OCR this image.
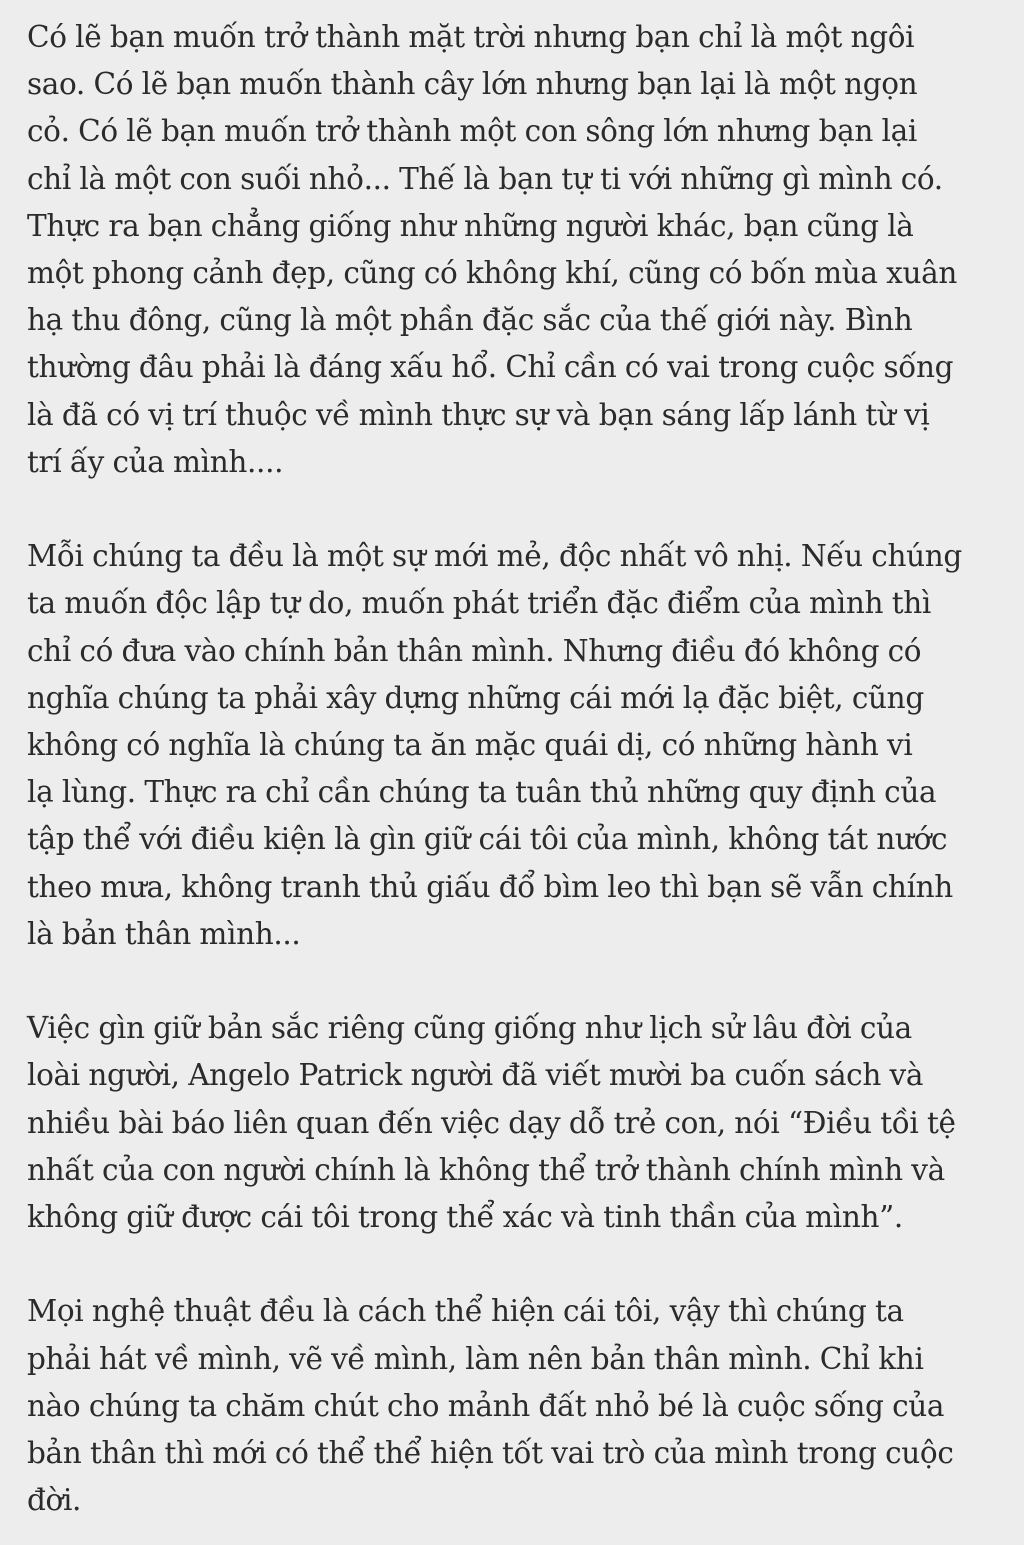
Có lẽ bạn muốn trở thành mặt trời nhưng bạn chỉ là một ngôi
sao. Có lẽ bạn muốn thành cây lớn nhưng bạn lại là một ngọn
cỏ. Có lẽ bạn muốn trở thành một con sông lớn nhưng bạn lại
chỉ là một con suối nhỏ... Thế là bạn tự ti với những gì mình có.
Thực ra bạn chẳng giống như những người khác, bạn cũng là
một phong cảnh đẹp, cũng có không khí, cũng có bốn mùa xuân
hạ thu đông, cũng là một phần đặc sắc của thế giới này. Bình
thường đâu phải là đáng xấu hổ. Chỉ cần có vai trong cuộc sống
là đã có vị trí thuộc về mình thực sự và bạn sáng lấp lánh từ vị
trí ấy của mình....
Mỗi chúng ta đều là một sự mới mẻ, độc nhất vô nhị. Nếu chúng
ta muốn độc lập tự do, muốn phát triển đặc điểm của mình thì
chỉ có đưa vào chính bản thân mình. Nhưng điều đó không có
nghĩa chúng ta phải xây dựng những cái mới lạ đặc biệt, cũng
không có nghĩa là chúng ta ăn mặc quái dị, có những hành vi
lạ lùng. Thực ra chỉ cần chúng ta tuân thủ những quy định của
tập thể với điều kiện là gìn giữ cái tôi của mình, không tát nước
theo mưa, không tranh thủ giấu đổ bìm leo thì bạn sẽ vẫn chính
là bản thân mình...
Việc gìn giữ bản sắc riêng cũng giống như lịch sử lâu đời của
loài người, Angelo Patrick người đã viết mười ba cuốn sách và
nhiều bài báo liên quan đến việc dạy dỗ trẻ con, nói “Điều tồi tệ
nhất của con người chính là không thể trở thành chính mình và
không giữ được cái tôi trong thể xác và tinh thần của mình”.
Mọi nghệ thuật đều là cách thể hiện cái tôi, vậy thì chúng ta
phải hát về mình, vẽ về mình, làm nên bản thân mình. Chỉ khi
nào chúng ta chăm chút cho mảnh đất nhỏ bé là cuộc sống của
bản thân thì mới có thể thể hiện tốt vai trò của mình trong cuộc
đời.
